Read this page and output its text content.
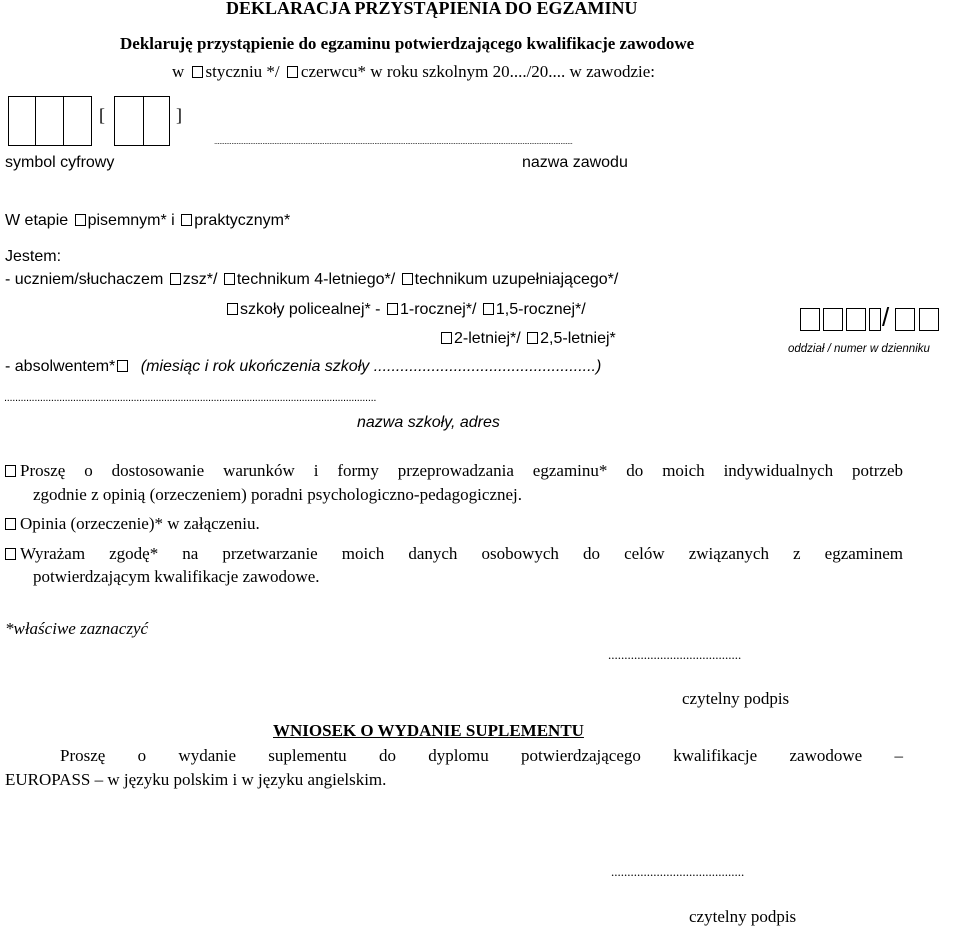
DEKLARACJA PRZYSTĄPIENIA DO EGZAMINU
Deklaruję przystąpienie do egzaminu potwierdzającego kwalifikacje zawodowe
w styczniu */ czerwcu* w roku szkolnym 20..../20.... w zawodzie:
[	]
................................................................................................................................................................................................................
symbol cyfrowy	nazwa zawodu
W etapie pisemnym* i praktycznym*
Jestem:
- uczniem/słuchaczem zsz*/ technikum 4-letniego*/ technikum uzupełniającego*/
szkoły policealnej* - 1-rocznej*/ 1,5-rocznej*/
2-letniej*/ 2,5-letniej*
/
oddział / numer w dzienniku
- absolwentem* (miesiąc i rok ukończenia szkoły ..................................................)
.......................................................................................................................................
nazwa szkoły, adres
Proszę o dostosowanie warunków i formy przeprowadzania egzaminu* do moich indywidualnych potrzeb
zgodnie z opinią (orzeczeniem) poradni psychologiczno-pedagogicznej.
Opinia (orzeczenie)* w załączeniu.
Wyrażam zgodę* na przetwarzanie moich danych osobowych do celów związanych z egzaminem
potwierdzającym kwalifikacje zawodowe.
*właściwe zaznaczyć
.........................................
czytelny podpis
WNIOSEK O WYDANIE SUPLEMENTU
Proszę o wydanie suplementu do dyplomu potwierdzającego kwalifikacje zawodowe –
EUROPASS – w języku polskim i w języku angielskim.
.........................................
czytelny podpis
